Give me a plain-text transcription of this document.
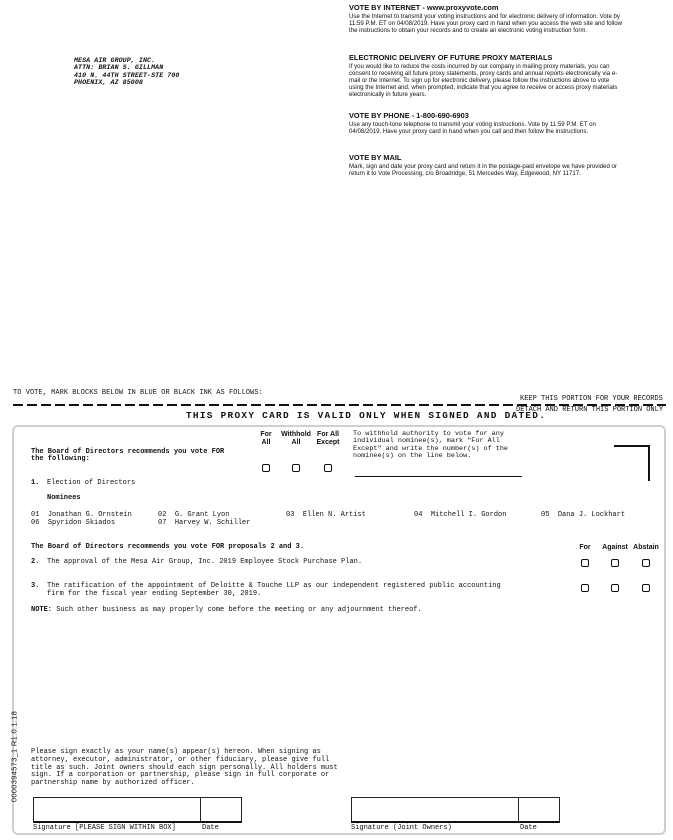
MESA AIR GROUP, INC.
ATTN: BRIAN S. GILLMAN
410 N. 44TH STREET-STE 700
PHOENIX, AZ 85008
VOTE BY INTERNET - www.proxyvote.com

Use the Internet to transmit your voting instructions and for electronic delivery of information. Vote by 11:59 P.M. ET on 04/08/2019. Have your proxy card in hand when you access the web site and follow the instructions to obtain your records and to create an electronic voting instruction form.

ELECTRONIC DELIVERY OF FUTURE PROXY MATERIALS

If you would like to reduce the costs incurred by our company in mailing proxy materials, you can consent to receiving all future proxy statements, proxy cards and annual reports electronically via e-mail or the Internet. To sign up for electronic delivery, please follow the instructions above to vote using the Internet and, when prompted, indicate that you agree to receive or access proxy materials electronically in future years.

VOTE BY PHONE - 1-800-690-6903

Use any touch-tone telephone to transmit your voting instructions. Vote by 11:59 P.M. ET on 04/08/2019. Have your proxy card in hand when you call and then follow the instructions.

VOTE BY MAIL

Mark, sign and date your proxy card and return it in the postage-paid envelope we have provided or return it to Vote Processing, c/o Broadridge, 51 Mercedes Way, Edgewood, NY 11717.

TO VOTE, MARK BLOCKS BELOW IN BLUE OR BLACK INK AS FOLLOWS:
KEEP THIS PORTION FOR YOUR RECORDS
DETACH AND RETURN THIS PORTION ONLY
THIS PROXY CARD IS VALID ONLY WHEN SIGNED AND DATED.
The Board of Directors recommends you vote FOR
the following:
For
All
Withhold
All
For All
Except
To withhold authority to vote for any
individual nominee(s), mark "For All
Except" and write the number(s) of the
nominee(s) on the line below.
1. Election of Directors
Nominees
01 Jonathan G. Ornstein	02 G. Grant Lyon	03 Ellen N. Artist	04 Mitchell I. Gordon	05 Dana J. Lockhart
06 Spyridon Skiados	07 Harvey W. Schiller
The Board of Directors recommends you vote FOR proposals 2 and 3.	For	Against Abstain
2. The approval of the Mesa Air Group, Inc. 2019 Employee Stock Purchase Plan.
3. The ratification of the appointment of Deloitte & Touche LLP as our independent registered public accounting
firm for the fiscal year ending September 30, 2019.
NOTE: Such other business as may properly come before the meeting or any adjournment thereof.
Please sign exactly as your name(s) appear(s) hereon. When signing as
attorney, executor, administrator, or other fiduciary, please give full
title as such. Joint owners should each sign personally. All holders must
sign. If a corporation or partnership, please sign in full corporate or
partnership name by authorized officer.
Signature [PLEASE SIGN WITHIN BOX]	Date	Signature (Joint Owners)	Date
0000394573_1 R1.0.1.18
